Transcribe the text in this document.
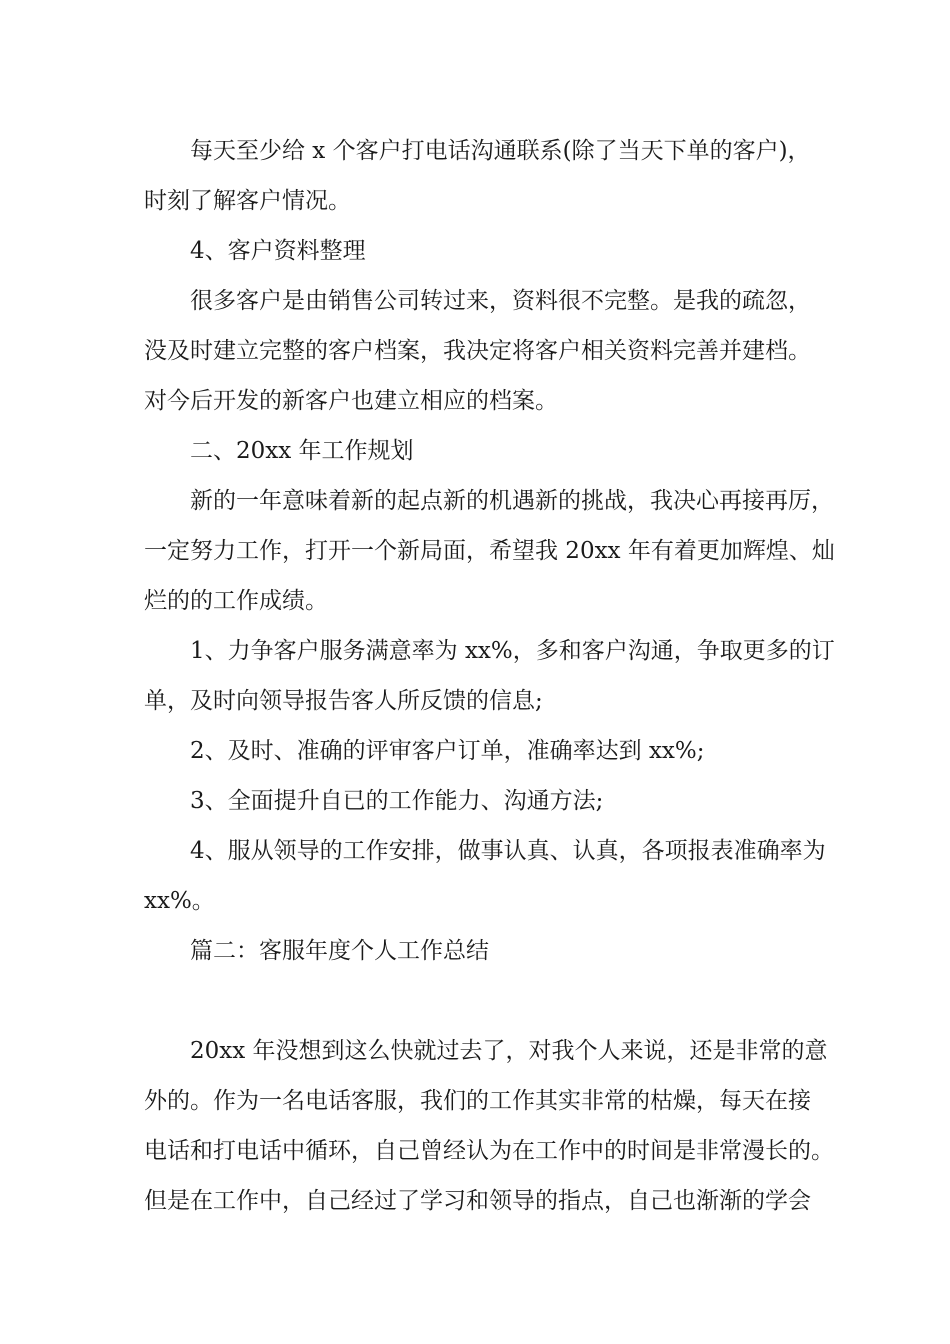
每天至少给 x 个客户打电话沟通联系(除了当天下单的客户)，
时刻了解客户情况。
4、客户资料整理
很多客户是由销售公司转过来，资料很不完整。是我的疏忽，
没及时建立完整的客户档案，我决定将客户相关资料完善并建档。
对今后开发的新客户也建立相应的档案。
二、20xx 年工作规划
新的一年意味着新的起点新的机遇新的挑战，我决心再接再厉，
一定努力工作，打开一个新局面，希望我 20xx 年有着更加辉煌、灿
烂的的工作成绩。
1、力争客户服务满意率为 xx%，多和客户沟通，争取更多的订
单，及时向领导报告客人所反馈的信息;
2、及时、准确的评审客户订单，准确率达到 xx%;
3、全面提升自已的工作能力、沟通方法;
4、服从领导的工作安排，做事认真、认真，各项报表准确率为
xx%。
篇二：客服年度个人工作总结
20xx 年没想到这么快就过去了，对我个人来说，还是非常的意
外的。作为一名电话客服，我们的工作其实非常的枯燥，每天在接
电话和打电话中循环，自己曾经认为在工作中的时间是非常漫长的。
但是在工作中，自己经过了学习和领导的指点，自己也渐渐的学会
